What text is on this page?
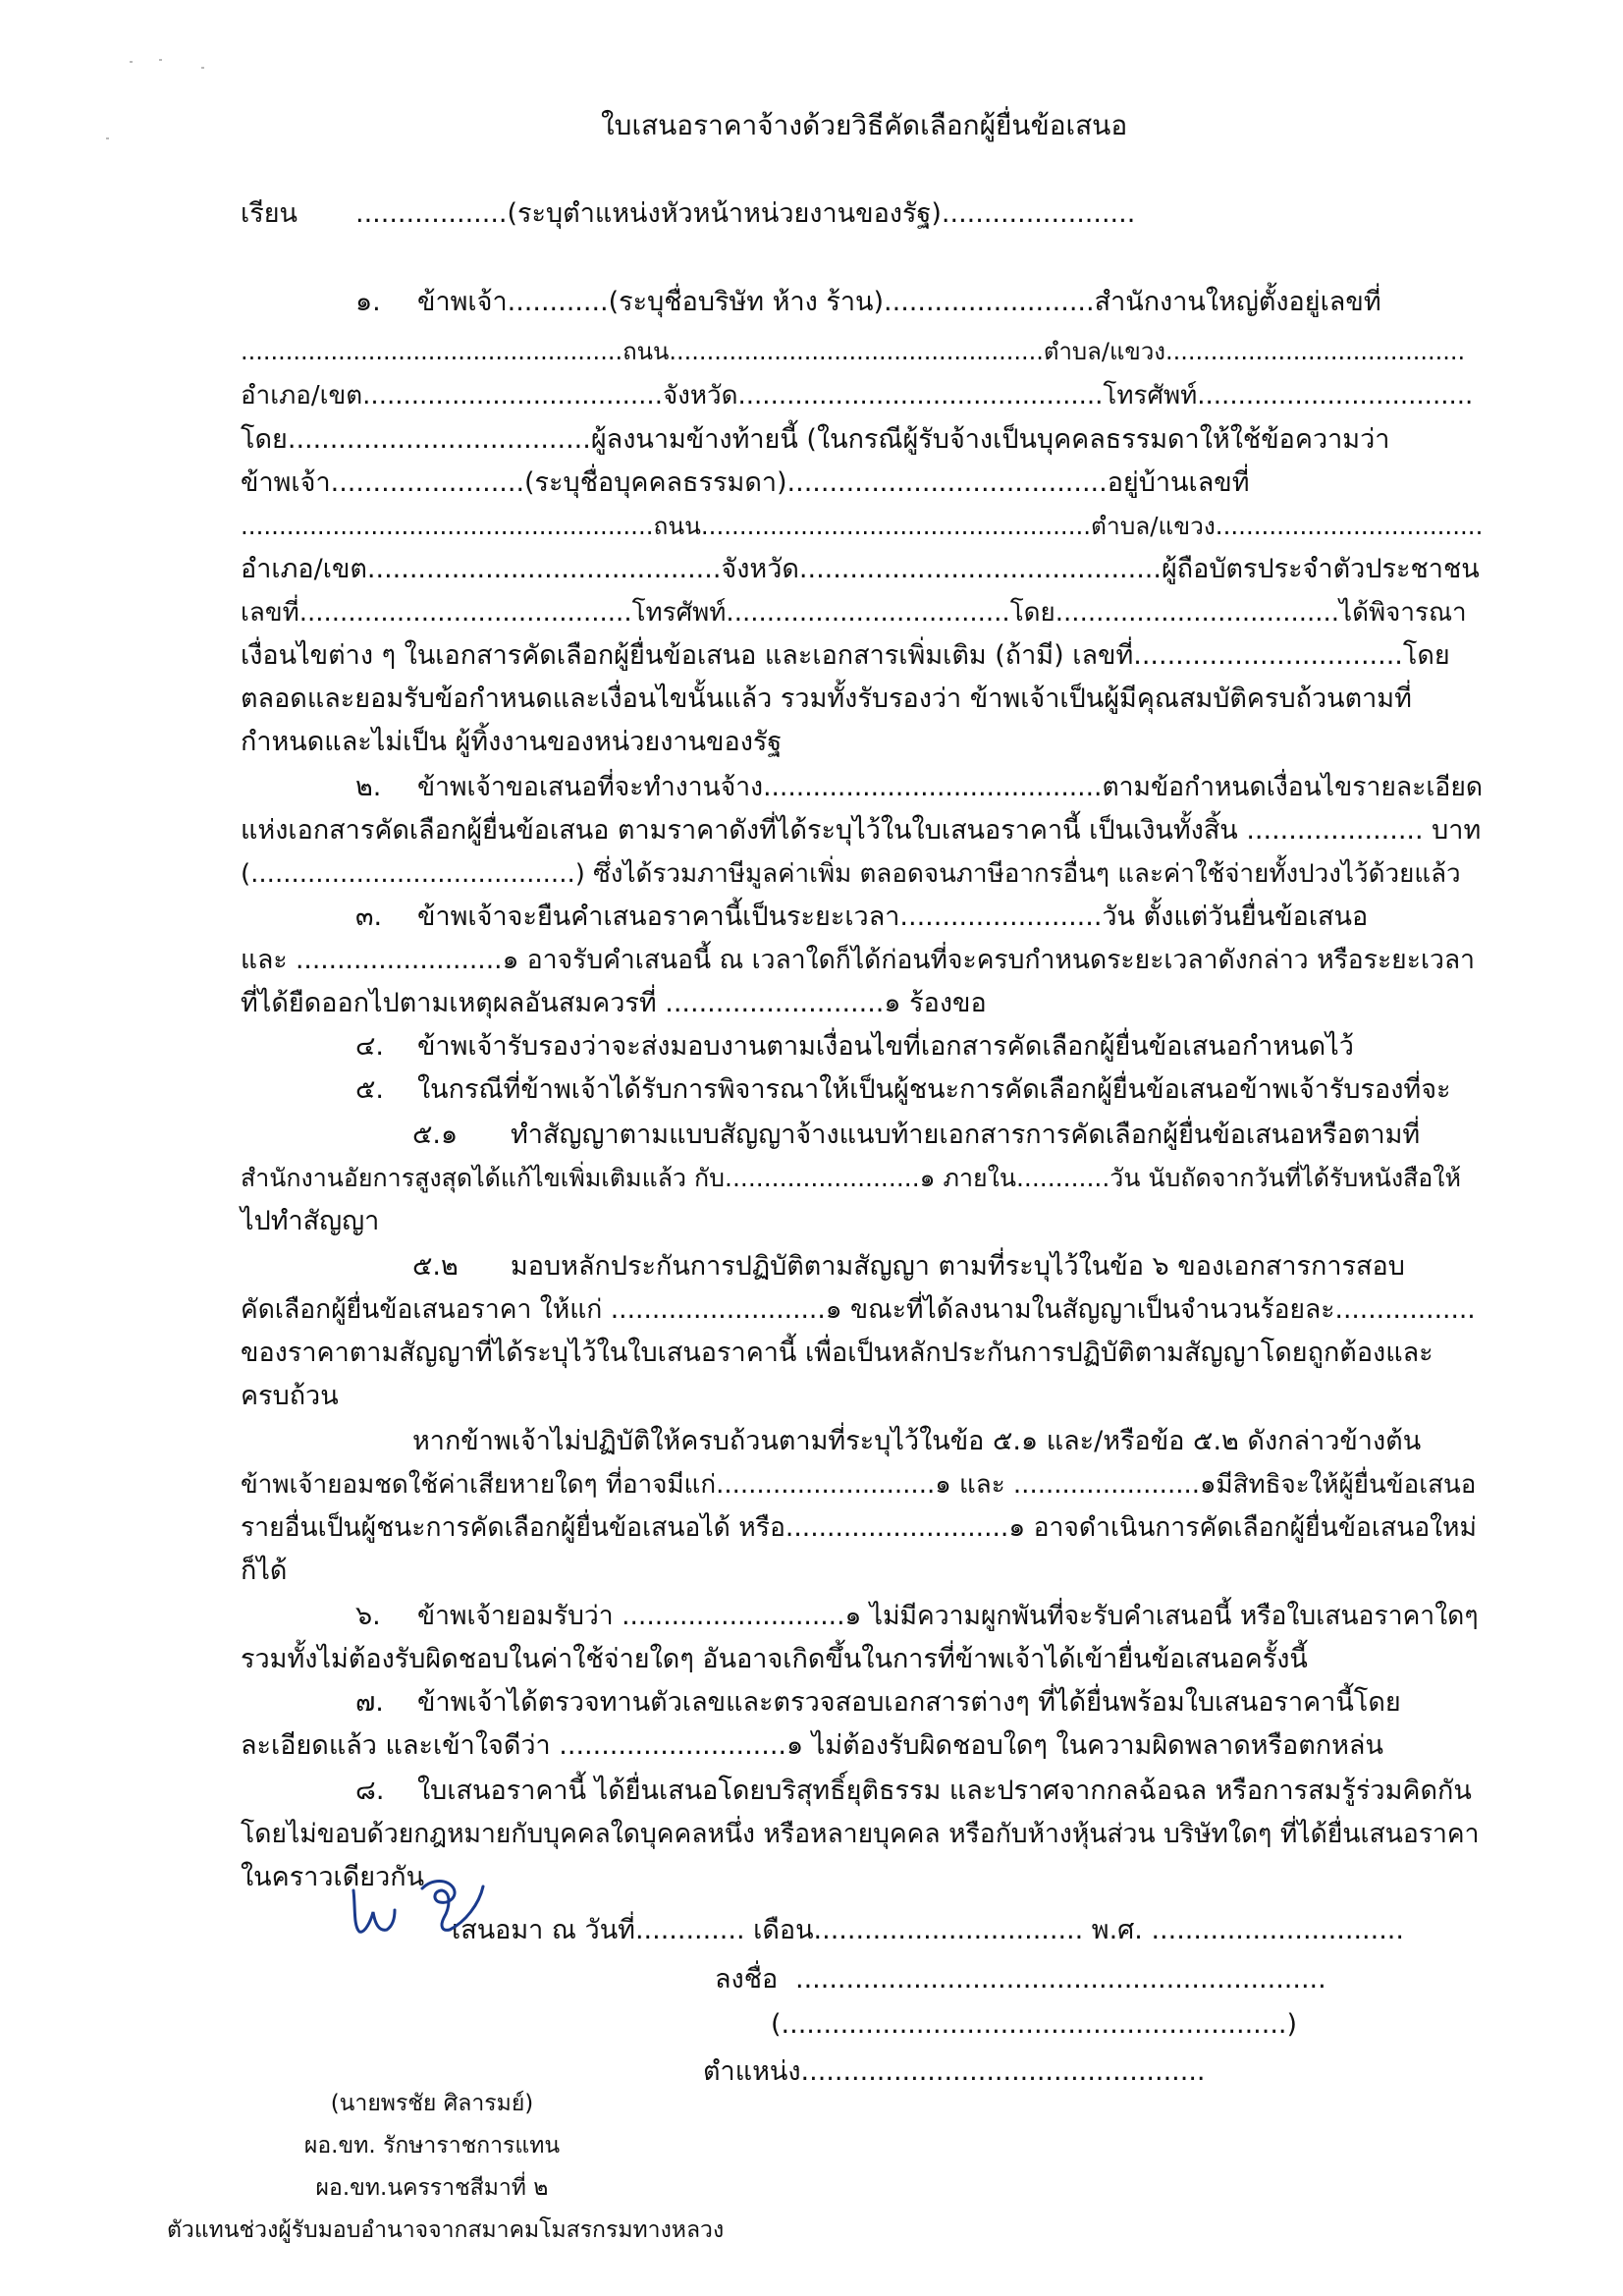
ใบเสนอราคาจ้างด้วยวิธีคัดเลือกผู้ยื่นข้อเสนอ
เรียน ..................(ระบุตำแหน่งหัวหน้าหน่วยงานของรัฐ).......................
๑. ข้าพเจ้า............(ระบุชื่อบริษัท ห้าง ร้าน).........................สำนักงานใหญ่ตั้งอยู่เลขที่
...................................................ถนน..................................................ตำบล/แขวง........................................
อำเภอ/เขต.....................................จังหวัด.............................................โทรศัพท์..................................
โดย....................................ผู้ลงนามข้างท้ายนี้ (ในกรณีผู้รับจ้างเป็นบุคคลธรรมดาให้ใช้ข้อความว่า
ข้าพเจ้า.......................(ระบุชื่อบุคคลธรรมดา)......................................อยู่บ้านเลขที่
......................................................ถนน...................................................ตำบล/แขวง...................................
อำเภอ/เขต..........................................จังหวัด...........................................ผู้ถือบัตรประจำตัวประชาชน
เลขที่.........................................โทรศัพท์...................................โดย...................................ได้พิจารณา
เงื่อนไขต่าง ๆ ในเอกสารคัดเลือกผู้ยื่นข้อเสนอ และเอกสารเพิ่มเติม (ถ้ามี) เลขที่................................โดย
ตลอดและยอมรับข้อกำหนดและเงื่อนไขนั้นแล้ว รวมทั้งรับรองว่า ข้าพเจ้าเป็นผู้มีคุณสมบัติครบถ้วนตามที่
กำหนดและไม่เป็น ผู้ทิ้งงานของหน่วยงานของรัฐ
๒. ข้าพเจ้าขอเสนอที่จะทำงานจ้าง.........................................ตามข้อกำหนดเงื่อนไขรายละเอียด
แห่งเอกสารคัดเลือกผู้ยื่นข้อเสนอ ตามราคาดังที่ได้ระบุไว้ในใบเสนอราคานี้ เป็นเงินทั้งสิ้น ..................... บาท
(........................................) ซึ่งได้รวมภาษีมูลค่าเพิ่ม ตลอดจนภาษีอากรอื่นๆ และค่าใช้จ่ายทั้งปวงไว้ด้วยแล้ว
๓. ข้าพเจ้าจะยืนคำเสนอราคานี้เป็นระยะเวลา........................วัน ตั้งแต่วันยื่นข้อเสนอ
และ .........................๑ อาจรับคำเสนอนี้ ณ เวลาใดก็ได้ก่อนที่จะครบกำหนดระยะเวลาดังกล่าว หรือระยะเวลา
ที่ได้ยืดออกไปตามเหตุผลอันสมควรที่ ..........................๑ ร้องขอ
๔. ข้าพเจ้ารับรองว่าจะส่งมอบงานตามเงื่อนไขที่เอกสารคัดเลือกผู้ยื่นข้อเสนอกำหนดไว้
๕. ในกรณีที่ข้าพเจ้าได้รับการพิจารณาให้เป็นผู้ชนะการคัดเลือกผู้ยื่นข้อเสนอข้าพเจ้ารับรองที่จะ
๕.๑ ทำสัญญาตามแบบสัญญาจ้างแนบท้ายเอกสารการคัดเลือกผู้ยื่นข้อเสนอหรือตามที่
สำนักงานอัยการสูงสุดได้แก้ไขเพิ่มเติมแล้ว กับ.........................๑ ภายใน............วัน นับถัดจากวันที่ได้รับหนังสือให้
ไปทำสัญญา
๕.๒ มอบหลักประกันการปฏิบัติตามสัญญา ตามที่ระบุไว้ในข้อ ๖ ของเอกสารการสอบ
คัดเลือกผู้ยื่นข้อเสนอราคา ให้แก่ ..........................๑ ขณะที่ได้ลงนามในสัญญาเป็นจำนวนร้อยละ.................
ของราคาตามสัญญาที่ได้ระบุไว้ในใบเสนอราคานี้ เพื่อเป็นหลักประกันการปฏิบัติตามสัญญาโดยถูกต้องและ
ครบถ้วน
หากข้าพเจ้าไม่ปฏิบัติให้ครบถ้วนตามที่ระบุไว้ในข้อ ๕.๑ และ/หรือข้อ ๕.๒ ดังกล่าวข้างต้น
ข้าพเจ้ายอมชดใช้ค่าเสียหายใดๆ ที่อาจมีแก่...........................๑ และ .......................๑มีสิทธิจะให้ผู้ยื่นข้อเสนอ
รายอื่นเป็นผู้ชนะการคัดเลือกผู้ยื่นข้อเสนอได้ หรือ...........................๑ อาจดำเนินการคัดเลือกผู้ยื่นข้อเสนอใหม่
ก็ได้
๖. ข้าพเจ้ายอมรับว่า ...........................๑ ไม่มีความผูกพันที่จะรับคำเสนอนี้ หรือใบเสนอราคาใดๆ
รวมทั้งไม่ต้องรับผิดชอบในค่าใช้จ่ายใดๆ อันอาจเกิดขึ้นในการที่ข้าพเจ้าได้เข้ายื่นข้อเสนอครั้งนี้
๗. ข้าพเจ้าได้ตรวจทานตัวเลขและตรวจสอบเอกสารต่างๆ ที่ได้ยื่นพร้อมใบเสนอราคานี้โดย
ละเอียดแล้ว และเข้าใจดีว่า ...........................๑ ไม่ต้องรับผิดชอบใดๆ ในความผิดพลาดหรือตกหล่น
๘. ใบเสนอราคานี้ ได้ยื่นเสนอโดยบริสุทธิ์ยุติธรรม และปราศจากกลฉ้อฉล หรือการสมรู้ร่วมคิดกัน
โดยไม่ขอบด้วยกฎหมายกับบุคคลใดบุคคลหนึ่ง หรือหลายบุคคล หรือกับห้างหุ้นส่วน บริษัทใดๆ ที่ได้ยื่นเสนอราคา
ในคราวเดียวกัน
เสนอมา ณ วันที่............. เดือน................................ พ.ศ. ..............................
ลงชื่อ ...............................................................
(............................................................)
ตำแหน่ง................................................
(นายพรชัย ศิลารมย์)
ผอ.ขท. รักษาราชการแทน
ผอ.ขท.นครราชสีมาที่ ๒
ตัวแทนช่วงผู้รับมอบอำนาจจากสมาคมโมสรกรมทางหลวง
